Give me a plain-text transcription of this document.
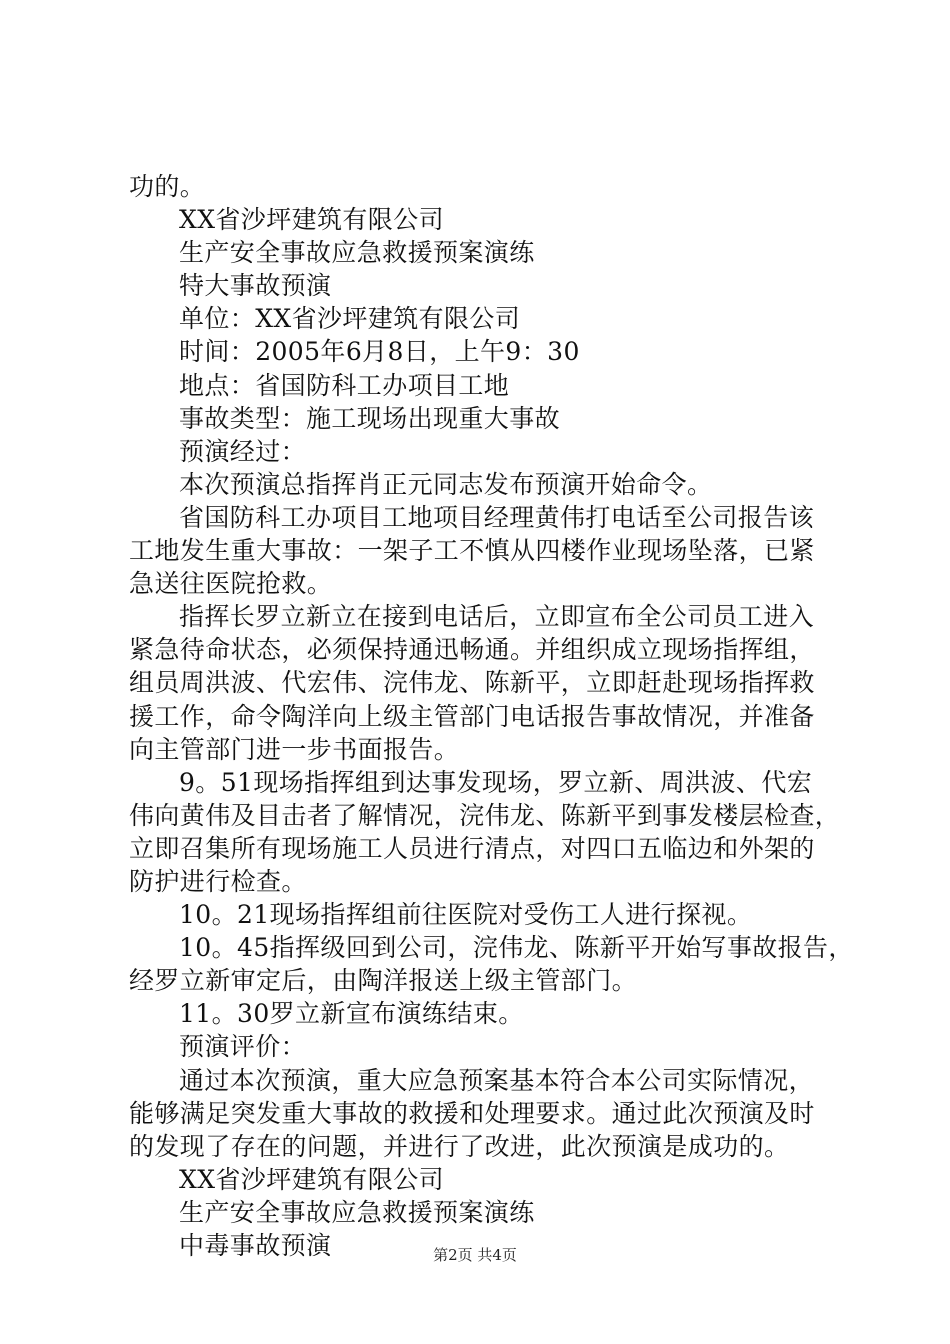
功的。
XX省沙坪建筑有限公司
生产安全事故应急救援预案演练
特大事故预演
单位：XX省沙坪建筑有限公司
时间：2005年6月8日，上午9：30
地点：省国防科工办项目工地
事故类型：施工现场出现重大事故
预演经过：
本次预演总指挥肖正元同志发布预演开始命令。
省国防科工办项目工地项目经理黄伟打电话至公司报告该
工地发生重大事故：一架子工不慎从四楼作业现场坠落，已紧
急送往医院抢救。
指挥长罗立新立在接到电话后，立即宣布全公司员工进入
紧急待命状态，必须保持通迅畅通。并组织成立现场指挥组，
组员周洪波、代宏伟、浣伟龙、陈新平，立即赶赴现场指挥救
援工作，命令陶洋向上级主管部门电话报告事故情况，并准备
向主管部门进一步书面报告。
9。51现场指挥组到达事发现场，罗立新、周洪波、代宏
伟向黄伟及目击者了解情况，浣伟龙、陈新平到事发楼层检查，
立即召集所有现场施工人员进行清点，对四口五临边和外架的
防护进行检查。
10。21现场指挥组前往医院对受伤工人进行探视。
10。45指挥级回到公司，浣伟龙、陈新平开始写事故报告，
经罗立新审定后，由陶洋报送上级主管部门。
11。30罗立新宣布演练结束。
预演评价：
通过本次预演，重大应急预案基本符合本公司实际情况，
能够满足突发重大事故的救援和处理要求。通过此次预演及时
的发现了存在的问题，并进行了改进，此次预演是成功的。
XX省沙坪建筑有限公司
生产安全事故应急救援预案演练
中毒事故预演	第2页 共4页
